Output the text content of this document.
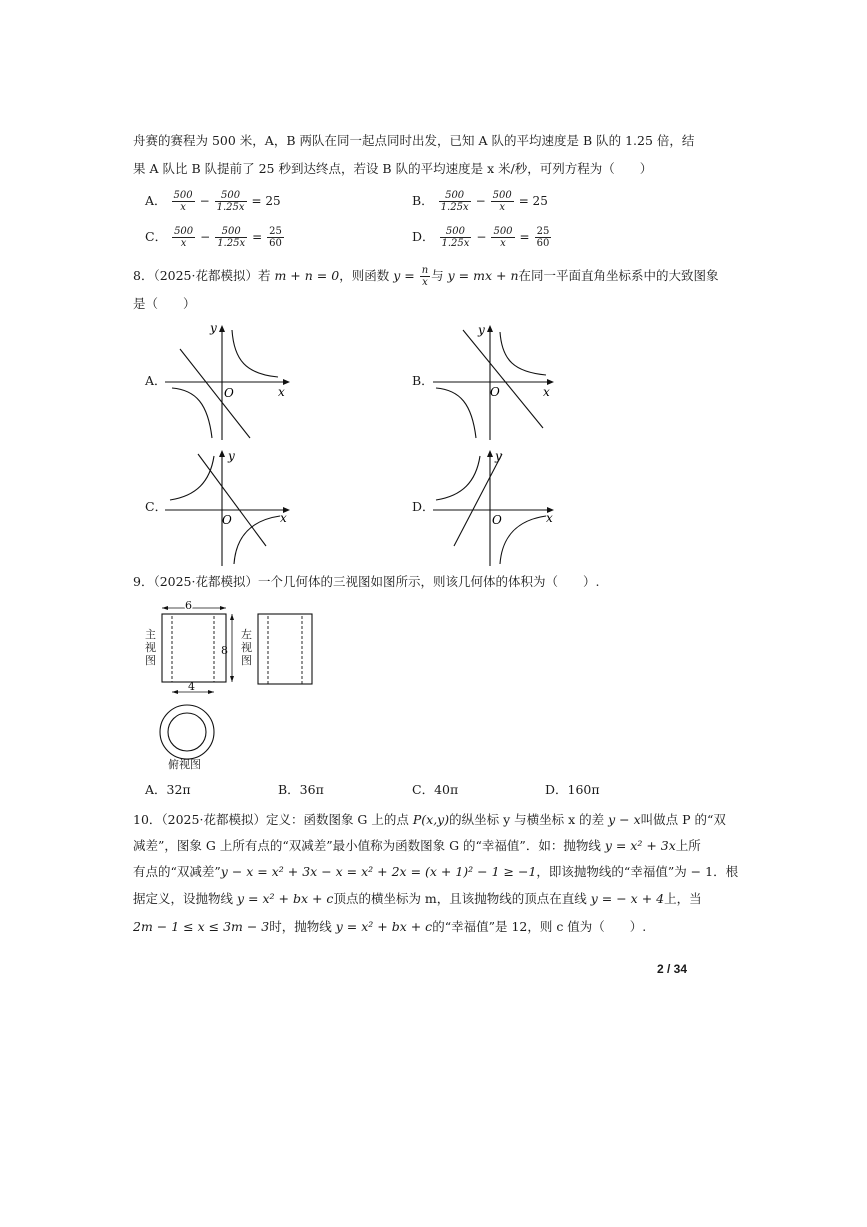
舟赛的赛程为 500 米，A，B 两队在同一起点同时出发，已知 A 队的平均速度是 B 队的 1.25 倍，结
果 A 队比 B 队提前了 25 秒到达终点，若设 B 队的平均速度是 x 米/秒，可列方程为（　　）
A． $\frac{500}{x} - \frac{500}{1.25x} = 25$	B． $\frac{500}{1.25x} - \frac{500}{x} = 25$
C． $\frac{500}{x} - \frac{500}{1.25x} = \frac{25}{60}$	D． $\frac{500}{1.25x} - \frac{500}{x} = \frac{25}{60}$
8．（2025·花都模拟）若 m + n = 0，则函数 $y = \frac{n}{x}$ 与 y = mx + n在同一平面直角坐标系中的大致图象
是（　　）
A．	B．
C．	D．
y
x
O
y
x
O
y
x
O
y
x
O
9．（2025·花都模拟）一个几何体的三视图如图所示，则该几何体的体积为（　　）.
6
8
4
主视图
左视图
俯视图
A．32π	B．36π	C．40π	D．160π
10．（2025·花都模拟）定义：函数图象 G 上的点 P(x,y)的纵坐标 y 与横坐标 x 的差 y − x叫做点 P 的“双
减差”，图象 G 上所有点的“双减差”最小值称为函数图象 G 的“幸福值”．如：抛物线 y = x² + 3x上所
有点的“双减差”y − x = x² + 3x − x = x² + 2x = (x + 1)² − 1 ≥ −1，即该抛物线的“幸福值”为 − 1．根
据定义，设抛物线 y = x² + bx + c顶点的横坐标为 m，且该抛物线的顶点在直线 y = − x + 4上，当
2m − 1 ≤ x ≤ 3m − 3时，抛物线 y = x² + bx + c的“幸福值”是 12，则 c 值为（　　）.
2 / 34
